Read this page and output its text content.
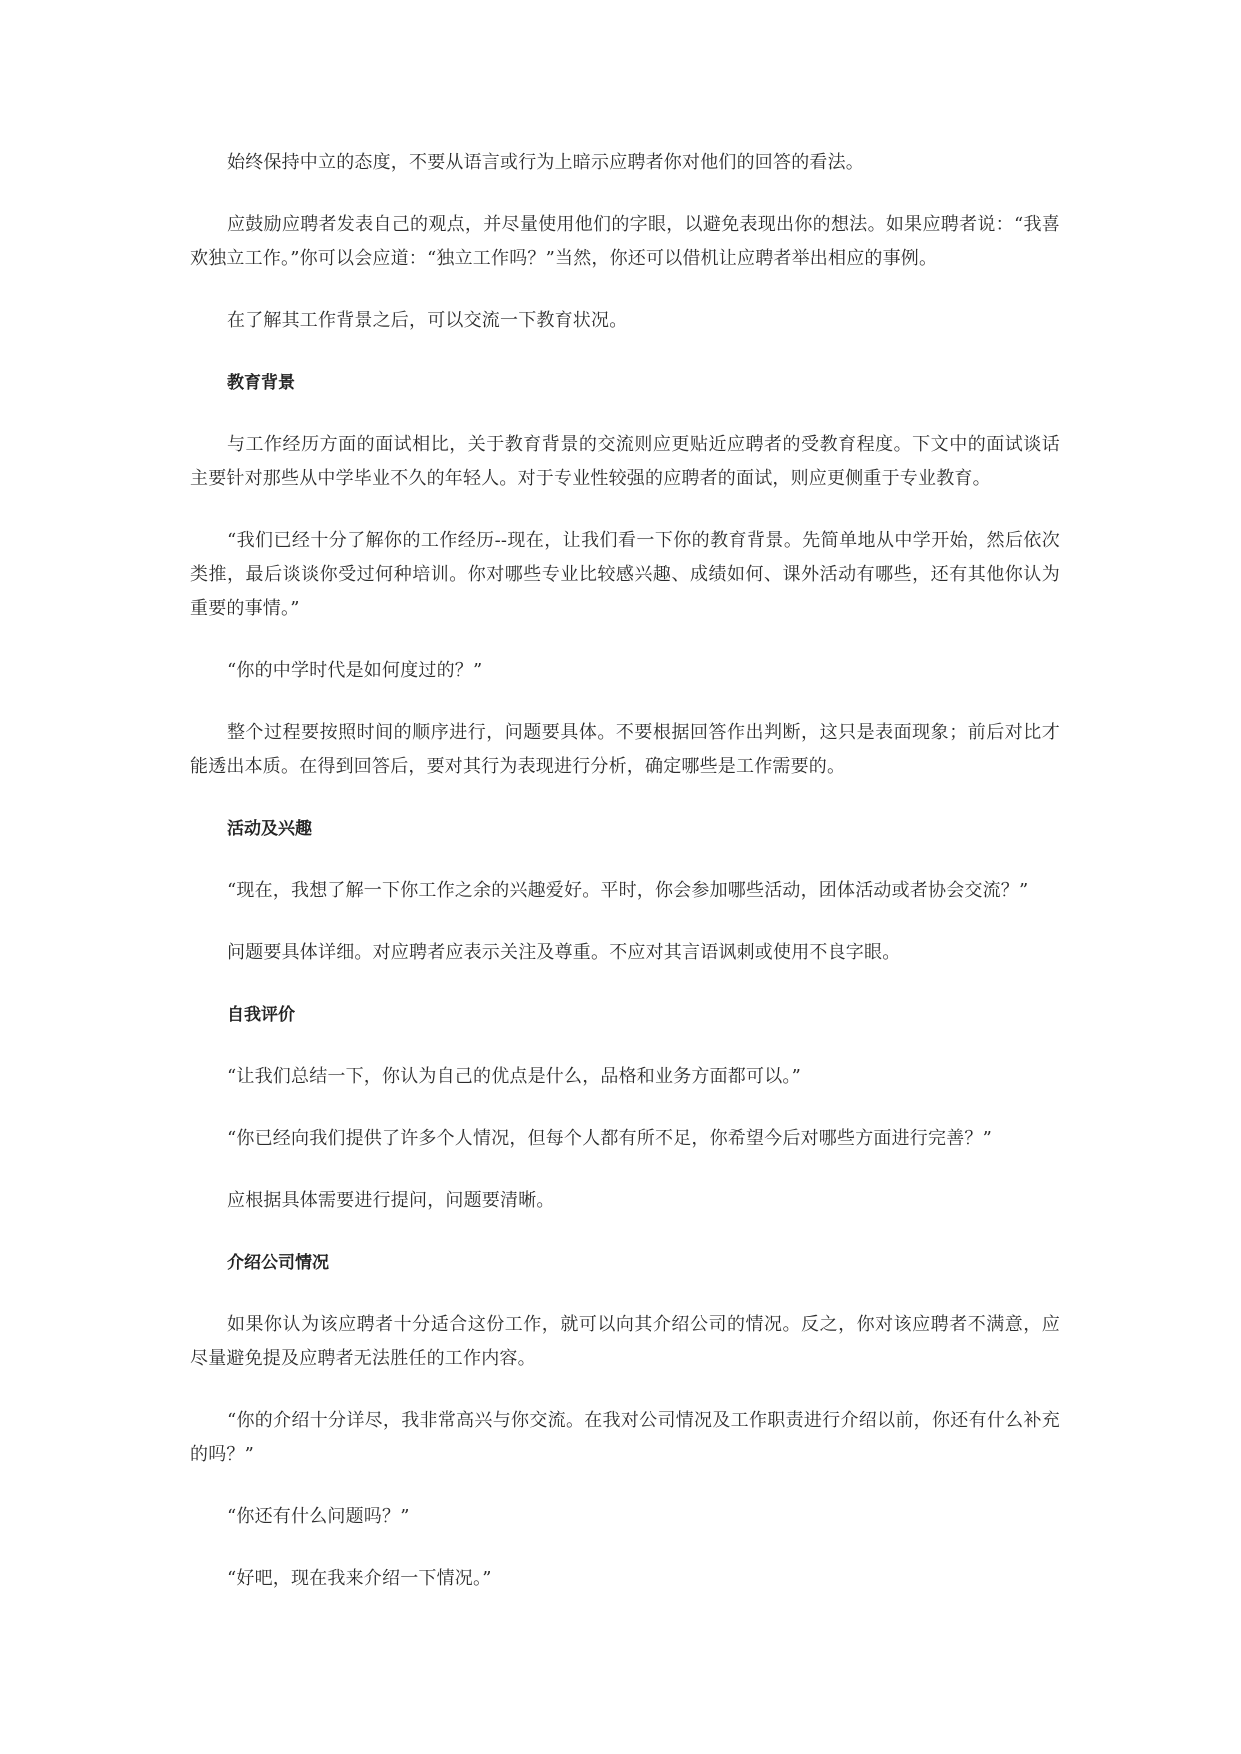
始终保持中立的态度，不要从语言或行为上暗示应聘者你对他们的回答的看法。

应鼓励应聘者发表自己的观点，并尽量使用他们的字眼，以避免表现出你的想法。如果应聘者说：“我喜欢独立工作。”你可以会应道：“独立工作吗？”当然，你还可以借机让应聘者举出相应的事例。

在了解其工作背景之后，可以交流一下教育状况。

教育背景

与工作经历方面的面试相比，关于教育背景的交流则应更贴近应聘者的受教育程度。下文中的面试谈话主要针对那些从中学毕业不久的年轻人。对于专业性较强的应聘者的面试，则应更侧重于专业教育。

“我们已经十分了解你的工作经历--现在，让我们看一下你的教育背景。先简单地从中学开始，然后依次类推，最后谈谈你受过何种培训。你对哪些专业比较感兴趣、成绩如何、课外活动有哪些，还有其他你认为重要的事情。”

“你的中学时代是如何度过的？”

整个过程要按照时间的顺序进行，问题要具体。不要根据回答作出判断，这只是表面现象；前后对比才能透出本质。在得到回答后，要对其行为表现进行分析，确定哪些是工作需要的。

活动及兴趣

“现在，我想了解一下你工作之余的兴趣爱好。平时，你会参加哪些活动，团体活动或者协会交流？”

问题要具体详细。对应聘者应表示关注及尊重。不应对其言语讽刺或使用不良字眼。

自我评价

“让我们总结一下，你认为自己的优点是什么，品格和业务方面都可以。”

“你已经向我们提供了许多个人情况，但每个人都有所不足，你希望今后对哪些方面进行完善？”

应根据具体需要进行提问，问题要清晰。

介绍公司情况

如果你认为该应聘者十分适合这份工作，就可以向其介绍公司的情况。反之，你对该应聘者不满意，应尽量避免提及应聘者无法胜任的工作内容。

“你的介绍十分详尽，我非常高兴与你交流。在我对公司情况及工作职责进行介绍以前，你还有什么补充的吗？”

“你还有什么问题吗？”

“好吧，现在我来介绍一下情况。”
